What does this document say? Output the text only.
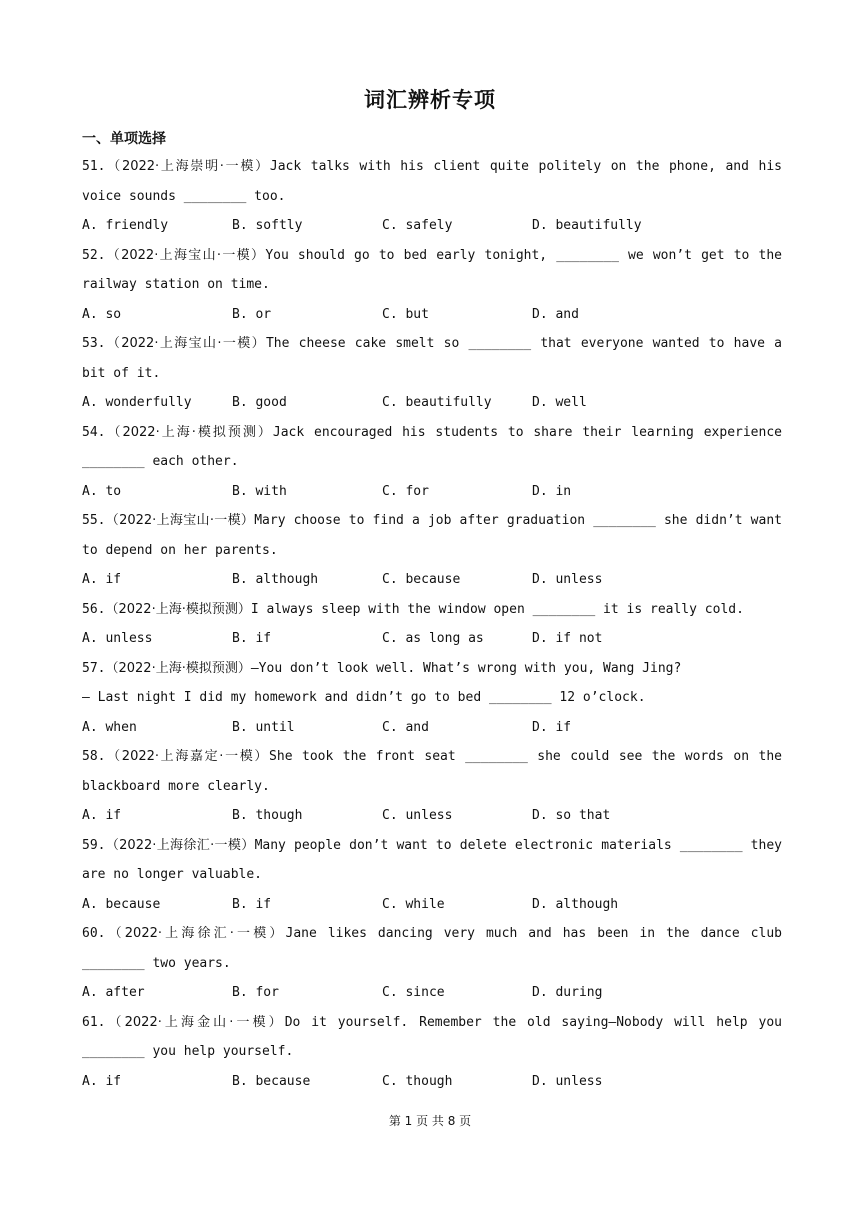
词汇辨析专项
一、单项选择

51.（2022·上海崇明·一模）Jack talks with his client quite politely on the phone, and his voice sounds ________ too.

A. friendly	B. softly	C. safely	D. beautifully

52.（2022·上海宝山·一模）You should go to bed early tonight, ________ we won’t get to the railway station on time.

A. so	B. or	C. but	D. and

53.（2022·上海宝山·一模）The cheese cake smelt so ________ that everyone wanted to have a bit of it.

A. wonderfully	B. good	C. beautifully	D. well

54.（2022·上海·模拟预测）Jack encouraged his students to share their learning experience ________ each other.

A. to	B. with	C. for	D. in

55.（2022·上海宝山·一模）Mary choose to find a job after graduation ________ she didn’t want to depend on her parents.

A. if	B. although	C. because	D. unless

56.（2022·上海·模拟预测）I always sleep with the window open ________ it is really cold.

A. unless	B. if	C. as long as	D. if not

57.（2022·上海·模拟预测）—You don’t look well. What’s wrong with you, Wang Jing?

— Last night I did my homework and didn’t go to bed ________ 12 o’clock.

A. when	B. until	C. and	D. if

58.（2022·上海嘉定·一模）She took the front seat ________ she could see the words on the blackboard more clearly.

A. if	B. though	C. unless	D. so that

59.（2022·上海徐汇·一模）Many people don’t want to delete electronic materials ________ they are no longer valuable.

A. because	B. if	C. while	D. although

60.（2022·上海徐汇·一模）Jane likes dancing very much and has been in the dance club ________ two years.

A. after	B. for	C. since	D. during

61.（2022·上海金山·一模）Do it yourself. Remember the old saying—Nobody will help you ________ you help yourself.

A. if	B. because	C. though	D. unless
第 1 页 共 8 页
